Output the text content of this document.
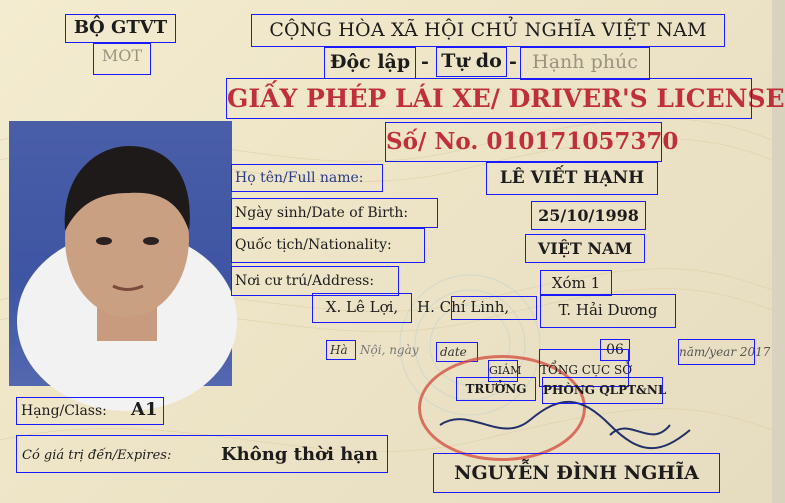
BỘ GTVT
MOT
CỘNG HÒA XÃ HỘI CHỦ NGHĨA VIỆT NAM
Độc lập - Tự do - Hạnh phúc
GIẤY PHÉP LÁI XE/ DRIVER'S LICENSE
Số/ No. 010171057370
Họ tên/Full name:	LÊ VIẾT HẠNH
Ngày sinh/Date of Birth:	25/10/1998
Quốc tịch/Nationality:	VIỆT NAM
Nơi cư trú/Address:	Xóm 1
X. Lê Lợi,	H. Chí Linh,	T. Hải Dương
Hà	Nội, ngày date	06	năm/year 2017
TỔNG CỤC SỞ
GIÁM
TRƯỞNG	PHÒNG QLPT&NL
NGUYỄN ĐÌNH NGHĨA
Hạng/Class: A1
Có giá trị đến/Expires:	Không thời hạn
